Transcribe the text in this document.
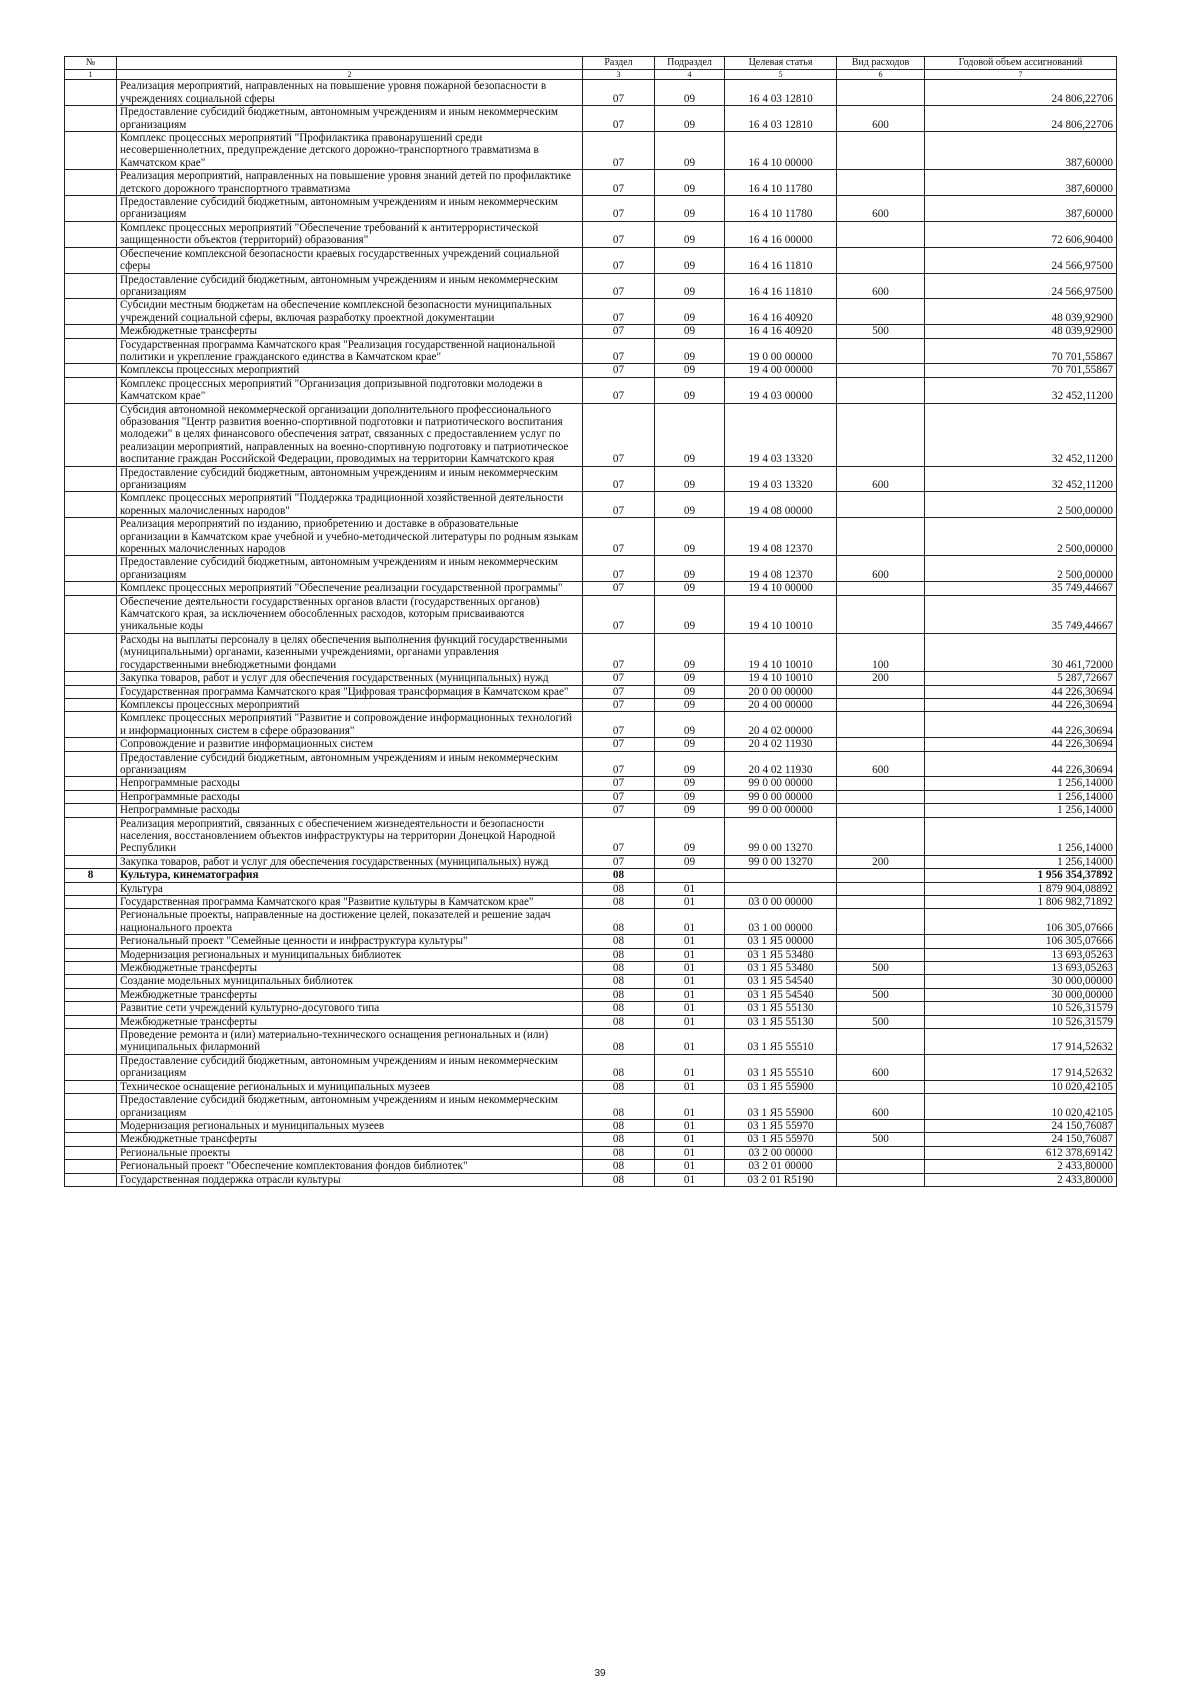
№		Раздел	Подраздел	Целевая статья	Вид расходов	Годовой объем ассигнований
1	2	3	4	5	6	7
	Реализация мероприятий, направленных на повышение уровня пожарной безопасности в учреждениях социальной сферы	07	09	16 4 03 12810		24 806,22706
	Предоставление субсидий бюджетным, автономным учреждениям и иным некоммерческим организациям	07	09	16 4 03 12810	600	24 806,22706
	Комплекс процессных мероприятий "Профилактика правонарушений среди несовершеннолетних, предупреждение детского дорожно-транспортного травматизма в Камчатском крае"	07	09	16 4 10 00000		387,60000
	Реализация мероприятий, направленных на повышение уровня знаний детей по профилактике детского дорожного транспортного травматизма	07	09	16 4 10 11780		387,60000
	Предоставление субсидий бюджетным, автономным учреждениям и иным некоммерческим организациям	07	09	16 4 10 11780	600	387,60000
	Комплекс процессных мероприятий "Обеспечение требований к антитеррористической защищенности объектов (территорий) образования"	07	09	16 4 16 00000		72 606,90400
	Обеспечение комплексной безопасности краевых государственных учреждений социальной сферы	07	09	16 4 16 11810		24 566,97500
	Предоставление субсидий бюджетным, автономным учреждениям и иным некоммерческим организациям	07	09	16 4 16 11810	600	24 566,97500
	Субсидии местным бюджетам на обеспечение комплексной безопасности муниципальных учреждений социальной сферы, включая разработку проектной документации	07	09	16 4 16 40920		48 039,92900
	Межбюджетные трансферты	07	09	16 4 16 40920	500	48 039,92900
	Государственная программа Камчатского края "Реализация государственной национальной политики и укрепление гражданского единства в Камчатском крае"	07	09	19 0 00 00000		70 701,55867
	Комплексы процессных мероприятий	07	09	19 4 00 00000		70 701,55867
	Комплекс процессных мероприятий "Организация допризывной подготовки молодежи в Камчатском крае"	07	09	19 4 03 00000		32 452,11200
	Субсидия автономной некоммерческой организации дополнительного профессионального образования "Центр развития военно-спортивной подготовки и патриотического воспитания молодежи" в целях финансового обеспечения затрат, связанных с предоставлением услуг по реализации мероприятий, направленных на военно-спортивную подготовку и патриотическое воспитание граждан Российской Федерации, проводимых на территории Камчатского края	07	09	19 4 03 13320		32 452,11200
	Предоставление субсидий бюджетным, автономным учреждениям и иным некоммерческим организациям	07	09	19 4 03 13320	600	32 452,11200
	Комплекс процессных мероприятий "Поддержка традиционной хозяйственной деятельности коренных малочисленных народов"	07	09	19 4 08 00000		2 500,00000
	Реализация мероприятий по изданию, приобретению и доставке в образовательные организации в Камчатском крае учебной и учебно-методической литературы по родным языкам коренных малочисленных народов	07	09	19 4 08 12370		2 500,00000
	Предоставление субсидий бюджетным, автономным учреждениям и иным некоммерческим организациям	07	09	19 4 08 12370	600	2 500,00000
	Комплекс процессных мероприятий "Обеспечение реализации государственной программы"	07	09	19 4 10 00000		35 749,44667
	Обеспечение деятельности государственных органов власти (государственных органов) Камчатского края, за исключением обособленных расходов, которым присваиваются уникальные коды	07	09	19 4 10 10010		35 749,44667
	Расходы на выплаты персоналу в целях обеспечения выполнения функций государственными (муниципальными) органами, казенными учреждениями, органами управления государственными внебюджетными фондами	07	09	19 4 10 10010	100	30 461,72000
	Закупка товаров, работ и услуг для обеспечения государственных (муниципальных) нужд	07	09	19 4 10 10010	200	5 287,72667
	Государственная программа Камчатского края "Цифровая трансформация в Камчатском крае"	07	09	20 0 00 00000		44 226,30694
	Комплексы процессных мероприятий	07	09	20 4 00 00000		44 226,30694
	Комплекс процессных мероприятий "Развитие и сопровождение информационных технологий и информационных систем в сфере образования"	07	09	20 4 02 00000		44 226,30694
	Сопровождение и развитие информационных систем	07	09	20 4 02 11930		44 226,30694
	Предоставление субсидий бюджетным, автономным учреждениям и иным некоммерческим организациям	07	09	20 4 02 11930	600	44 226,30694
	Непрограммные расходы	07	09	99 0 00 00000		1 256,14000
	Непрограммные расходы	07	09	99 0 00 00000		1 256,14000
	Непрограммные расходы	07	09	99 0 00 00000		1 256,14000
	Реализация мероприятий, связанных с обеспечением жизнедеятельности и безопасности населения, восстановлением объектов инфраструктуры на территории Донецкой Народной Республики	07	09	99 0 00 13270		1 256,14000
	Закупка товаров, работ и услуг для обеспечения государственных (муниципальных) нужд	07	09	99 0 00 13270	200	1 256,14000
8	Культура, кинематография	08				1 956 354,37892
	Культура	08	01			1 879 904,08892
	Государственная программа Камчатского края "Развитие культуры в Камчатском крае"	08	01	03 0 00 00000		1 806 982,71892
	Региональные проекты, направленные на достижение целей, показателей и решение задач национального проекта	08	01	03 1 00 00000		106 305,07666
	Региональный проект "Семейные ценности и инфраструктура культуры"	08	01	03 1 Я5 00000		106 305,07666
	Модернизация региональных и муниципальных библиотек	08	01	03 1 Я5 53480		13 693,05263
	Межбюджетные трансферты	08	01	03 1 Я5 53480	500	13 693,05263
	Создание модельных муниципальных библиотек	08	01	03 1 Я5 54540		30 000,00000
	Межбюджетные трансферты	08	01	03 1 Я5 54540	500	30 000,00000
	Развитие сети учреждений культурно-досугового типа	08	01	03 1 Я5 55130		10 526,31579
	Межбюджетные трансферты	08	01	03 1 Я5 55130	500	10 526,31579
	Проведение ремонта и (или) материально-технического оснащения региональных и (или) муниципальных филармоний	08	01	03 1 Я5 55510		17 914,52632
	Предоставление субсидий бюджетным, автономным учреждениям и иным некоммерческим организациям	08	01	03 1 Я5 55510	600	17 914,52632
	Техническое оснащение региональных и муниципальных музеев	08	01	03 1 Я5 55900		10 020,42105
	Предоставление субсидий бюджетным, автономным учреждениям и иным некоммерческим организациям	08	01	03 1 Я5 55900	600	10 020,42105
	Модернизация региональных и муниципальных музеев	08	01	03 1 Я5 55970		24 150,76087
	Межбюджетные трансферты	08	01	03 1 Я5 55970	500	24 150,76087
	Региональные проекты	08	01	03 2 00 00000		612 378,69142
	Региональный проект "Обеспечение комплектования фондов библиотек"	08	01	03 2 01 00000		2 433,80000
	Государственная поддержка отрасли культуры	08	01	03 2 01 R5190		2 433,80000
39
